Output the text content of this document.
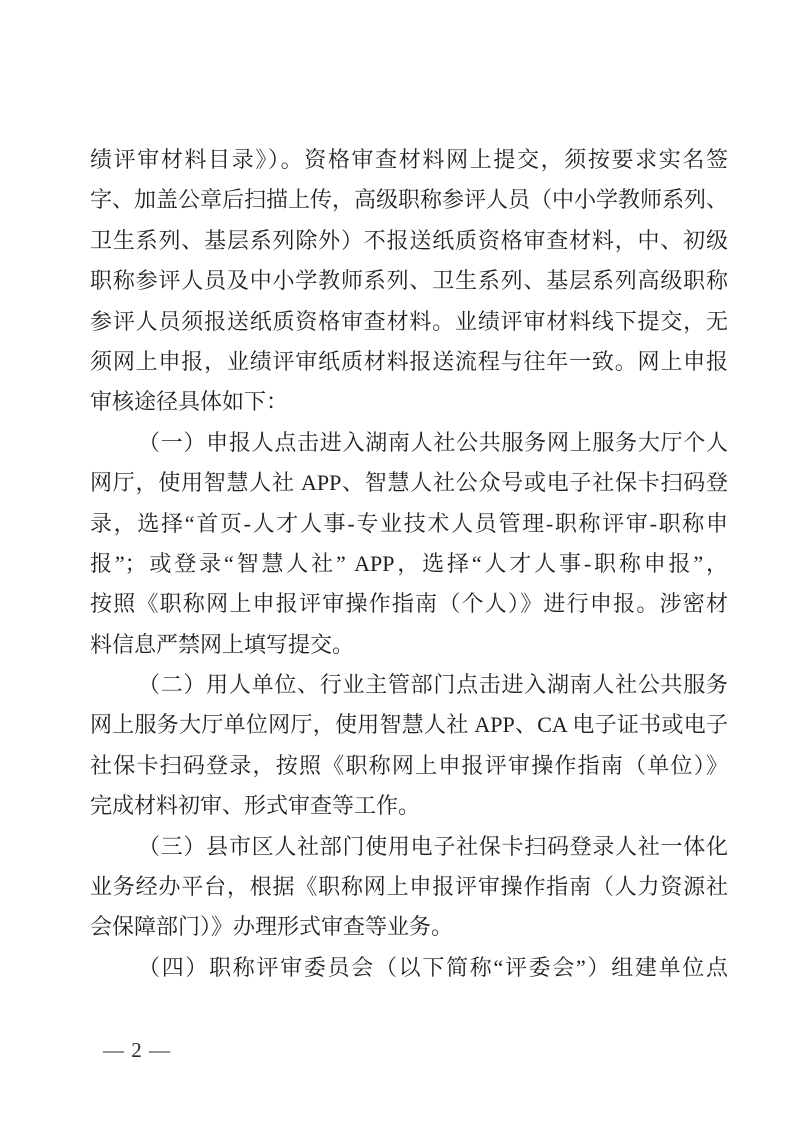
绩评审材料目录》）。资格审查材料网上提交，须按要求实名签
字、加盖公章后扫描上传，高级职称参评人员（中小学教师系列、
卫生系列、基层系列除外）不报送纸质资格审查材料，中、初级
职称参评人员及中小学教师系列、卫生系列、基层系列高级职称
参评人员须报送纸质资格审查材料。业绩评审材料线下提交，无
须网上申报，业绩评审纸质材料报送流程与往年一致。网上申报
审核途径具体如下：
（一）申报人点击进入湖南人社公共服务网上服务大厅个人
网厅，使用智慧人社 APP、智慧人社公众号或电子社保卡扫码登
录，选择“首页-人才人事-专业技术人员管理-职称评审-职称申
报”；或登录“智慧人社” APP，选择“人才人事-职称申报”，
按照《职称网上申报评审操作指南（个人）》进行申报。涉密材
料信息严禁网上填写提交。
（二）用人单位、行业主管部门点击进入湖南人社公共服务
网上服务大厅单位网厅，使用智慧人社 APP、CA 电子证书或电子
社保卡扫码登录，按照《职称网上申报评审操作指南（单位）》
完成材料初审、形式审查等工作。
（三）县市区人社部门使用电子社保卡扫码登录人社一体化
业务经办平台，根据《职称网上申报评审操作指南（人力资源社
会保障部门）》办理形式审查等业务。
（四）职称评审委员会（以下简称“评委会”）组建单位点
— 2 —
